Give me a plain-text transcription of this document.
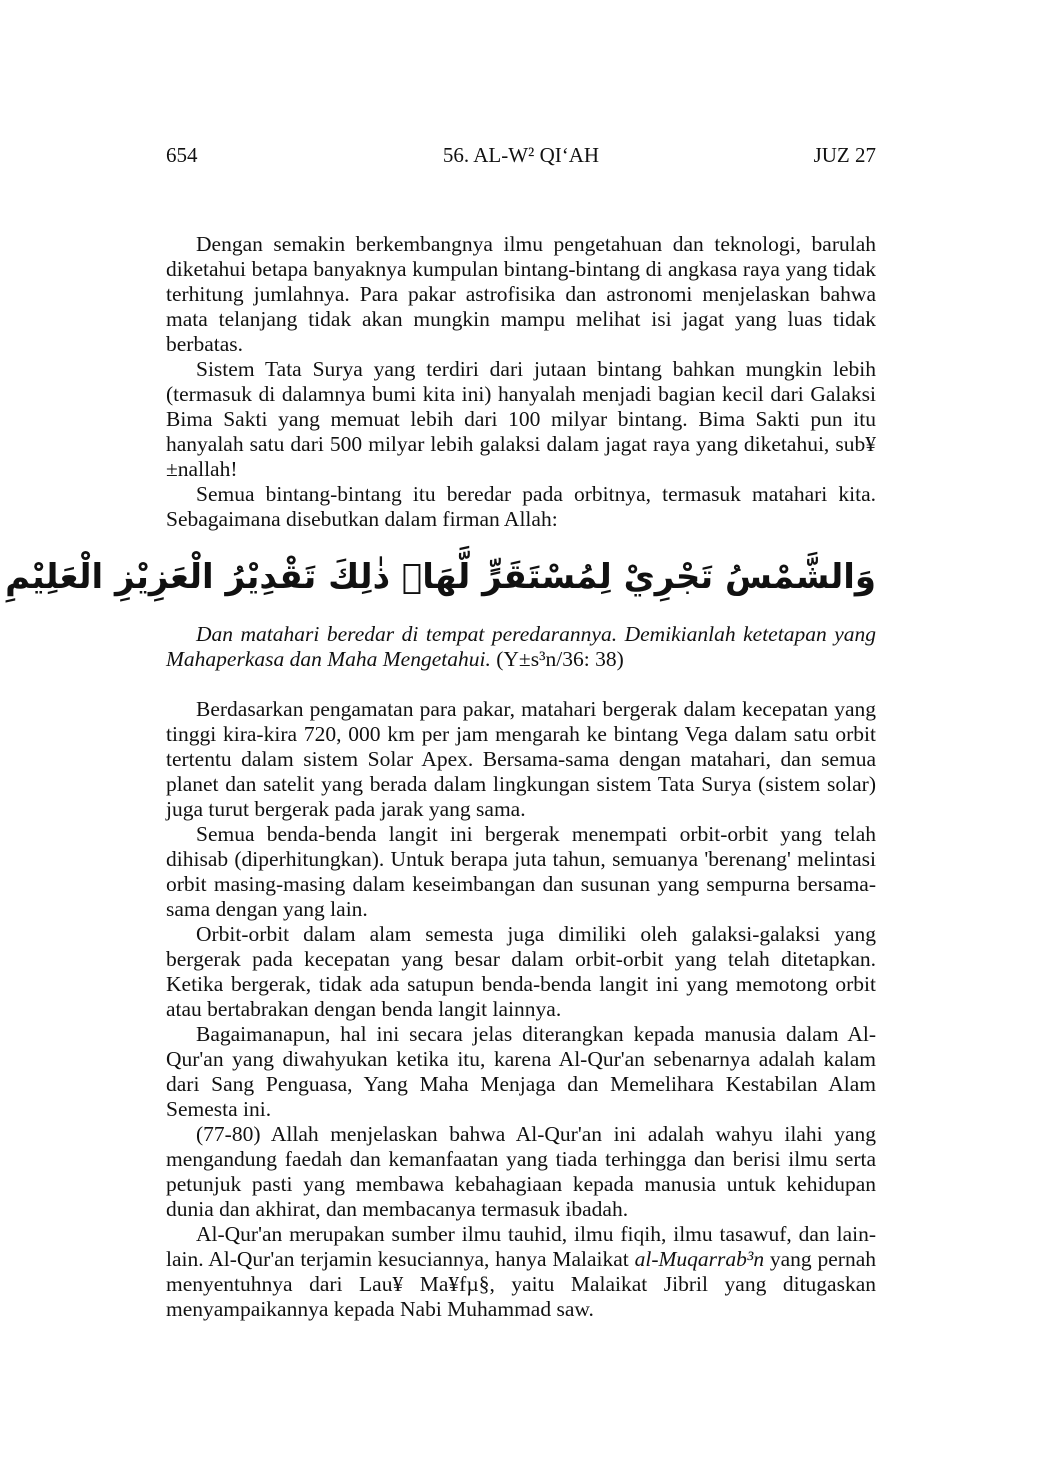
654	56. AL-W² QI‘AH	JUZ 27

Dengan semakin berkembangnya ilmu pengetahuan dan teknologi, barulah diketahui betapa banyaknya kumpulan bintang-bintang di angkasa raya yang tidak terhitung jumlahnya. Para pakar astrofisika dan astronomi menjelaskan bahwa mata telanjang tidak akan mungkin mampu melihat isi jagat yang luas tidak berbatas.

Sistem Tata Surya yang terdiri dari jutaan bintang bahkan mungkin lebih (termasuk di dalamnya bumi kita ini) hanyalah menjadi bagian kecil dari Galaksi Bima Sakti yang memuat lebih dari 100 milyar bintang. Bima Sakti pun itu hanyalah satu dari 500 milyar lebih galaksi dalam jagat raya yang diketahui, sub¥±nallah!

Semua bintang-bintang itu beredar pada orbitnya, termasuk matahari kita. Sebagaimana disebutkan dalam firman Allah:

وَالشَّمْسُ تَجْرِيْ لِمُسْتَقَرٍّ لَّهَاۗ ذٰلِكَ تَقْدِيْرُ الْعَزِيْزِ الْعَلِيْمِ

Dan matahari beredar di tempat peredarannya. Demikianlah ketetapan yang Mahaperkasa dan Maha Mengetahui. (Y±s³n/36: 38)

Berdasarkan pengamatan para pakar, matahari bergerak dalam kecepatan yang tinggi kira-kira 720, 000 km per jam mengarah ke bintang Vega dalam satu orbit tertentu dalam sistem Solar Apex. Bersama-sama dengan matahari, dan semua planet dan satelit yang berada dalam lingkungan sistem Tata Surya (sistem solar) juga turut bergerak pada jarak yang sama.

Semua benda-benda langit ini bergerak menempati orbit-orbit yang telah dihisab (diperhitungkan). Untuk berapa juta tahun, semuanya 'berenang' melintasi orbit masing-masing dalam keseimbangan dan susunan yang sempurna bersama-sama dengan yang lain.

Orbit-orbit dalam alam semesta juga dimiliki oleh galaksi-galaksi yang bergerak pada kecepatan yang besar dalam orbit-orbit yang telah ditetapkan. Ketika bergerak, tidak ada satupun benda-benda langit ini yang memotong orbit atau bertabrakan dengan benda langit lainnya.

Bagaimanapun, hal ini secara jelas diterangkan kepada manusia dalam Al-Qur'an yang diwahyukan ketika itu, karena Al-Qur'an sebenarnya adalah kalam dari Sang Penguasa, Yang Maha Menjaga dan Memelihara Kestabilan Alam Semesta ini.

(77-80) Allah menjelaskan bahwa Al-Qur'an ini adalah wahyu ilahi yang mengandung faedah dan kemanfaatan yang tiada terhingga dan berisi ilmu serta petunjuk pasti yang membawa kebahagiaan kepada manusia untuk kehidupan dunia dan akhirat, dan membacanya termasuk ibadah.

Al-Qur'an merupakan sumber ilmu tauhid, ilmu fiqih, ilmu tasawuf, dan lain-lain. Al-Qur'an terjamin kesuciannya, hanya Malaikat al-Muqarrab³n yang pernah menyentuhnya dari Lau¥ Ma¥fµ§, yaitu Malaikat Jibril yang ditugaskan menyampaikannya kepada Nabi Muhammad saw.
